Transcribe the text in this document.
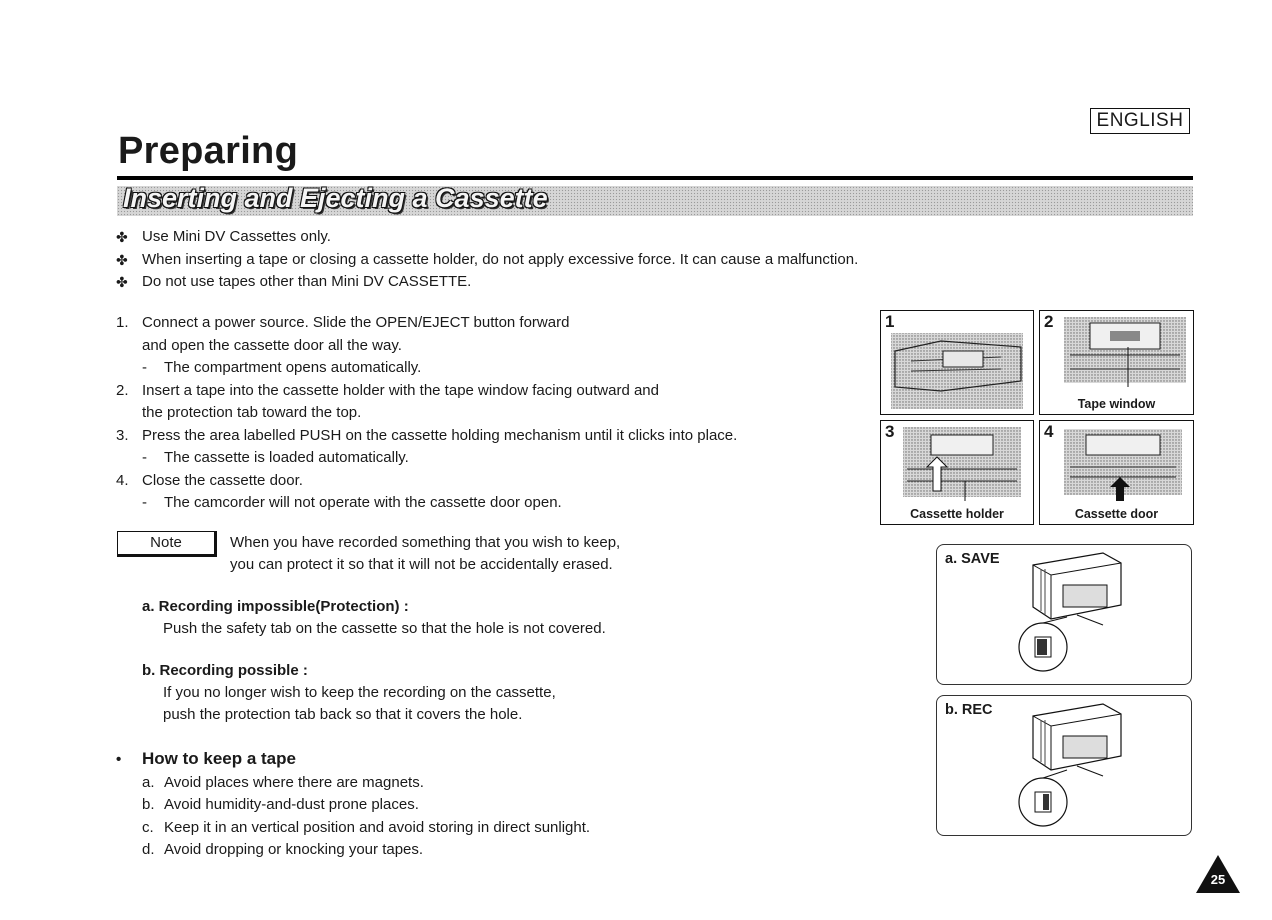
ENGLISH
Preparing
Inserting and Ejecting a Cassette
✤ Use Mini DV Cassettes only.
✤ When inserting a tape or closing a cassette holder, do not apply excessive force. It can cause a malfunction.
✤ Do not use tapes other than Mini DV CASSETTE.
1. Connect a power source. Slide the OPEN/EJECT button forward
and open the cassette door all the way.
- The compartment opens automatically.
2. Insert a tape into the cassette holder with the tape window facing outward and
the protection tab toward the top.
3. Press the area labelled PUSH on the cassette holding mechanism until it clicks into place.
- The cassette is loaded automatically.
4. Close the cassette door.
- The camcorder will not operate with the cassette door open.
Note	When you have recorded something that you wish to keep,
you can protect it so that it will not be accidentally erased.
a. Recording impossible(Protection) :
Push the safety tab on the cassette so that the hole is not covered.
b. Recording possible :
If you no longer wish to keep the recording on the cassette,
push the protection tab back so that it covers the hole.
• How to keep a tape
a. Avoid places where there are magnets.
b. Avoid humidity-and-dust prone places.
c. Keep it in an vertical position and avoid storing in direct sunlight.
d. Avoid dropping or knocking your tapes.
1	2
Tape window
3
Cassette holder
4
Cassette door
a. SAVE
b. REC
25
